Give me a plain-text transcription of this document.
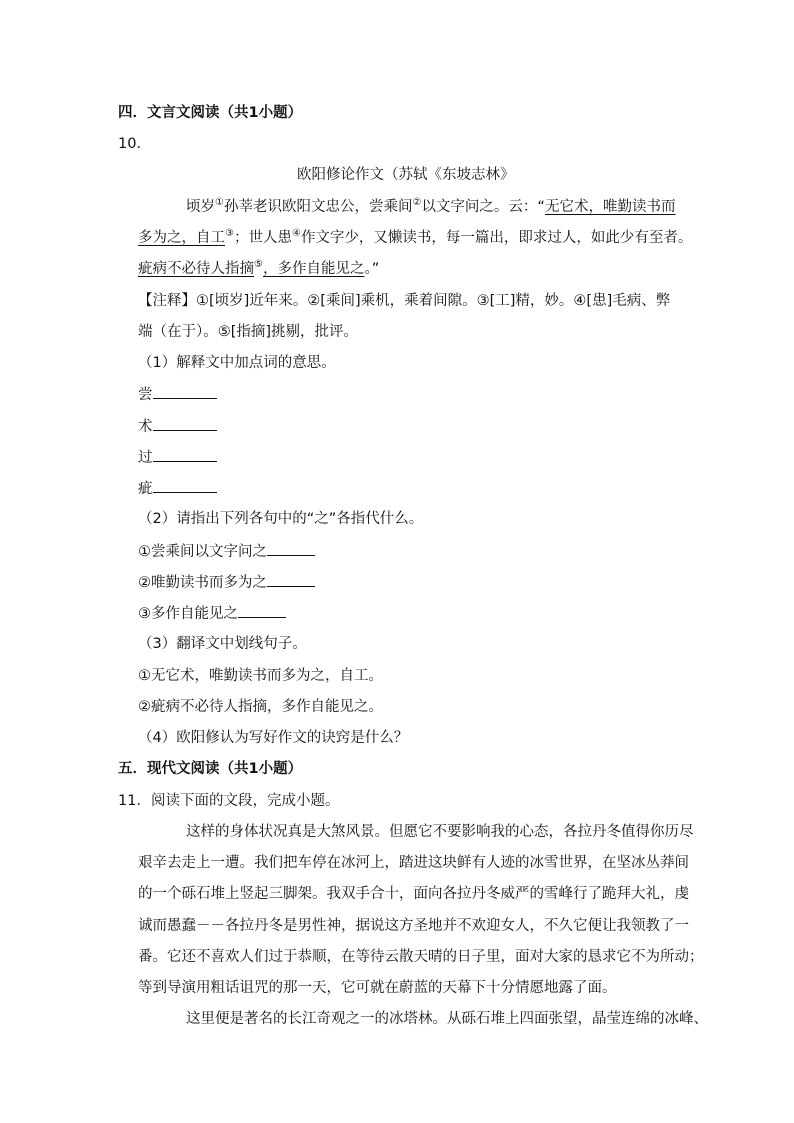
四．文言文阅读（共1小题）
10．
欧阳修论作文（苏轼《东坡志林》
顷岁①孙莘老识欧阳文忠公，尝乘间②以文字问之。云：“无它术，唯勤读书而
多为之，自工③；世人患④作文字少，又懒读书，每一篇出，即求过人，如此少有至者。
疵病不必待人指摘⑤，多作自能见之。”
【注释】①[顷岁]近年来。②[乘间]乘机，乘着间隙。③[工]精，妙。④[患]毛病、弊
端（在于）。⑤[指摘]挑剔，批评。
（1）解释文中加点词的意思。
尝
术
过
疵
（2）请指出下列各句中的“之”各指代什么。
①尝乘间以文字问之
②唯勤读书而多为之
③多作自能见之
（3）翻译文中划线句子。
①无它术，唯勤读书而多为之，自工。
②疵病不必待人指摘，多作自能见之。
（4）欧阳修认为写好作文的诀窍是什么？
五．现代文阅读（共1小题）
11．阅读下面的文段，完成小题。
这样的身体状况真是大煞风景。但愿它不要影响我的心态，各拉丹冬值得你历尽
艰辛去走上一遭。我们把车停在冰河上，踏进这块鲜有人迹的冰雪世界，在坚冰丛莽间
的一个砾石堆上竖起三脚架。我双手合十，面向各拉丹冬威严的雪峰行了跪拜大礼，虔
诚而愚蠢－－各拉丹冬是男性神，据说这方圣地并不欢迎女人，不久它便让我领教了一
番。它还不喜欢人们过于恭顺，在等待云散天晴的日子里，面对大家的恳求它不为所动；
等到导演用粗话诅咒的那一天，它可就在蔚蓝的天幕下十分情愿地露了面。
这里便是著名的长江奇观之一的冰塔林。从砾石堆上四面张望，晶莹连绵的冰峰、
